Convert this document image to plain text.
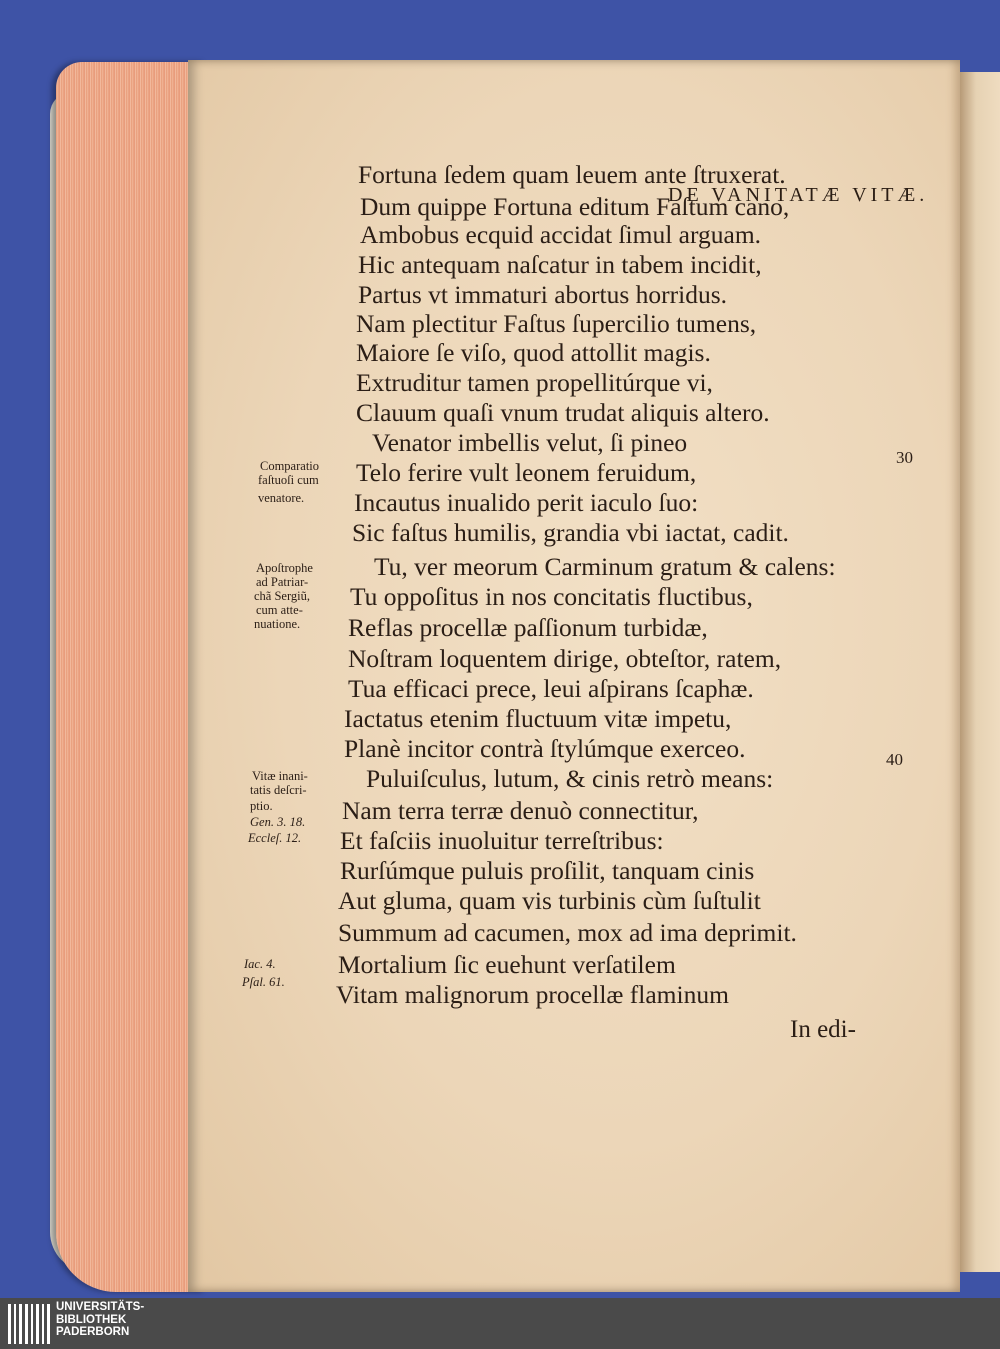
DE VANITATÆ VITÆ.
Fortuna ſedem quam leuem ante ſtruxerat.
Dum quippe Fortuna editum Faſtum cano,
Ambobus ecquid accidat ſimul arguam.
Hic antequam naſcatur in tabem incidit,
Partus vt immaturi abortus horridus.
Nam plectitur Faſtus ſupercilio tumens,
Maiore ſe viſo, quod attollit magis.
Extruditur tamen propellitúrque vi,
Clauum quaſi vnum trudat aliquis altero.
Venator imbellis velut, ſi pineo
Telo ferire vult leonem feruidum,
Incautus inualido perit iaculo ſuo:
Sic faſtus humilis, grandia vbi iactat, cadit.
Tu, ver meorum Carminum gratum & calens:
Tu oppoſitus in nos concitatis fluctibus,
Reflas procellæ paſſionum turbidæ,
Noſtram loquentem dirige, obteſtor, ratem,
Tua efficaci prece, leui aſpirans ſcaphæ.
Iactatus etenim fluctuum vitæ impetu,
Planè incitor contrà ſtylúmque exerceo.
Puluiſculus, lutum, & cinis retrò means:
Nam terra terræ denuò connectitur,
Et faſciis inuoluitur terreſtribus:
Rurſúmque puluis proſilit, tanquam cinis
Aut gluma, quam vis turbinis cùm ſuſtulit
Summum ad cacumen, mox ad ima deprimit.
Mortalium ſic euehunt verſatilem
Vitam malignorum procellæ flaminum
Comparatio
faſtuoſi cum
venatore.
Apoſtrophe
ad Patriar-
chã Sergiũ,
cum atte-
nuatione.
Vitæ inani-
tatis deſcri-
ptio.
Gen. 3. 18.
Eccleſ. 12.
Iac. 4.
Pſal. 61.
30
40
In edi-
UNIVERSITÄTS-
BIBLIOTHEK
PADERBORN
